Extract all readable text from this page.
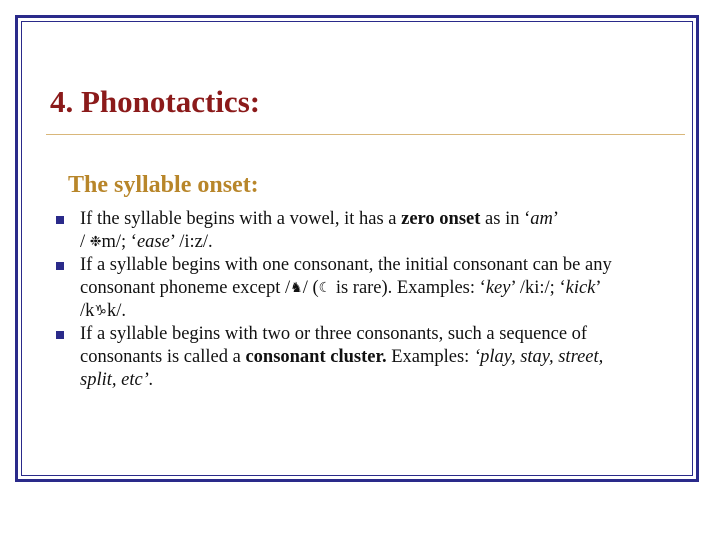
4. Phonotactics:
The syllable onset:
If the syllable begins with a vowel, it has a zero onset as in ‘am’
/ ❉m/; ‘ease’ /i:z/.
If a syllable begins with one consonant, the initial consonant can be any
consonant phoneme except /♞/ (☾ is rare). Examples: ‘key’ /ki:/; ‘kick’
/k♑k/.
If a syllable begins with two or three consonants, such a sequence of
consonants is called a consonant cluster. Examples: ‘play, stay, street,
split, etc’.
